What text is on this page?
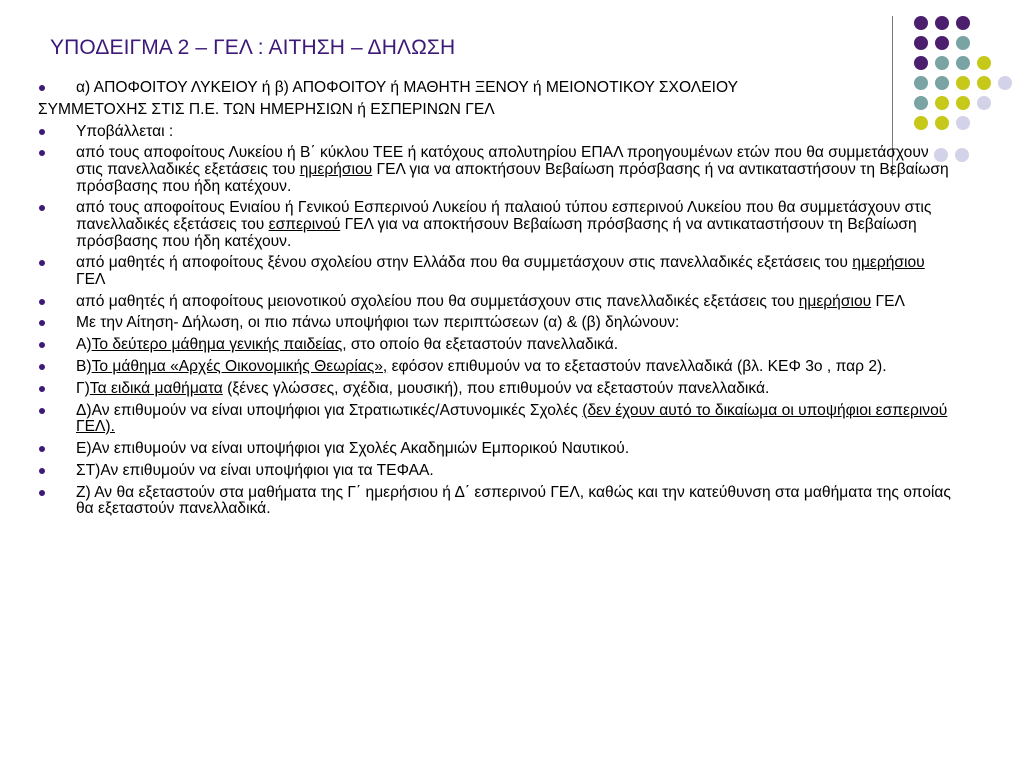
ΥΠΟΔΕΙΓΜΑ 2 – ΓΕΛ : ΑΙΤΗΣΗ – ΔΗΛΩΣΗ
α) ΑΠΟΦΟΙΤΟΥ ΛΥΚΕΙΟΥ ή β) ΑΠΟΦΟΙΤΟΥ ή ΜΑΘΗΤΗ ΞΕΝΟΥ ή ΜΕΙΟΝΟΤΙΚΟΥ ΣΧΟΛΕΙΟΥ
ΣΥΜΜΕΤΟΧΗΣ ΣΤΙΣ Π.Ε. ΤΩΝ ΗΜΕΡΗΣΙΩΝ ή ΕΣΠΕΡΙΝΩΝ ΓΕΛ
Υποβάλλεται :
από τους αποφοίτους Λυκείου ή Β΄ κύκλου ΤΕΕ ή κατόχους απολυτηρίου ΕΠΑΛ προηγουμένων ετών που θα συμμετάσχουν στις πανελλαδικές εξετάσεις του ημερήσιου ΓΕΛ για να αποκτήσουν Βεβαίωση πρόσβασης ή να αντικαταστήσουν τη Βεβαίωση πρόσβασης που ήδη κατέχουν.
από τους αποφοίτους Ενιαίου ή Γενικού Εσπερινού Λυκείου ή παλαιού τύπου εσπερινού Λυκείου που θα συμμετάσχουν στις πανελλαδικές εξετάσεις του εσπερινού ΓΕΛ για να αποκτήσουν Βεβαίωση πρόσβασης ή να αντικαταστήσουν τη Βεβαίωση πρόσβασης που ήδη κατέχουν.
από μαθητές ή αποφοίτους ξένου σχολείου στην Ελλάδα που θα συμμετάσχουν στις πανελλαδικές εξετάσεις του ημερήσιου ΓΕΛ
από μαθητές ή αποφοίτους μειονοτικού σχολείου που θα συμμετάσχουν στις πανελλαδικές εξετάσεις του ημερήσιου ΓΕΛ
Με την Αίτηση- Δήλωση, οι πιο πάνω υποψήφιοι των περιπτώσεων (α) & (β) δηλώνουν:
Α)Το δεύτερο μάθημα γενικής παιδείας, στο οποίο θα εξεταστούν πανελλαδικά.
Β)Το μάθημα «Αρχές Οικονομικής Θεωρίας», εφόσον επιθυμούν να το εξεταστούν πανελλαδικά (βλ. ΚΕΦ 3ο , παρ 2).
Γ)Τα ειδικά μαθήματα (ξένες γλώσσες, σχέδια, μουσική), που επιθυμούν να εξεταστούν πανελλαδικά.
Δ)Αν επιθυμούν να είναι υποψήφιοι για Στρατιωτικές/Αστυνομικές Σχολές (δεν έχουν αυτό το δικαίωμα οι υποψήφιοι εσπερινού ΓΕΛ).
Ε)Αν επιθυμούν να είναι υποψήφιοι για Σχολές Ακαδημιών Εμπορικού Ναυτικού.
ΣΤ)Αν επιθυμούν να είναι υποψήφιοι για τα ΤΕΦΑΑ.
Ζ) Αν θα εξεταστούν στα μαθήματα της Γ΄ ημερήσιου ή Δ΄ εσπερινού ΓΕΛ, καθώς και την κατεύθυνση στα μαθήματα της οποίας θα εξεταστούν πανελλαδικά.
